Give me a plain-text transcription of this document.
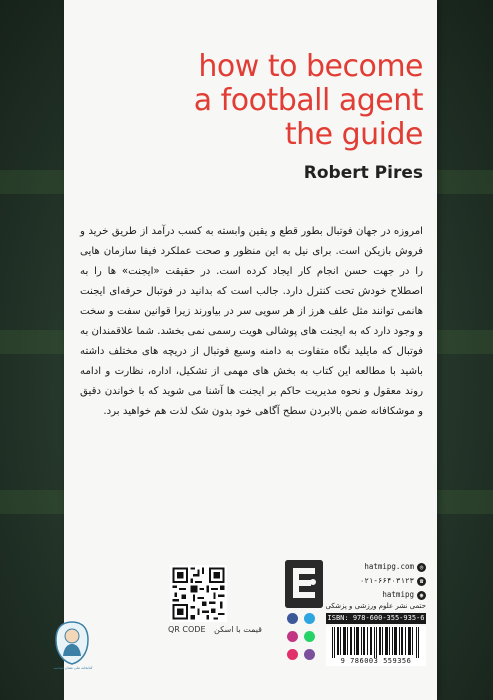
how to become
a football agent
the guide
Robert Pires
امروزه در جهان فوتبال بطور قطع و یقین وابسته به کسب درآمد از طریق خرید و فروش بازیکن است. برای نیل به این منظور و صحت عملکرد فیفا سازمان هایی را در جهت حسن انجام کار ایجاد کرده است. در حقیقت «ایجنت» ها را به اصطلاح خودش تحت کنترل دارد. جالب است که بدانید در فوتبال حرفه‌ای ایجنت هانمی توانند مثل علف هرز از هر سویی سر در بیاورند زیرا قوانین سفت و سخت و وجود دارد که به ایجنت های پوشالی هویت رسمی نمی بخشد. شما علاقمندان به فوتبال که مایلید نگاه متفاوت به دامنه وسیع فوتبال از دریچه های مختلف داشته باشید با مطالعه این کتاب به بخش های مهمی از تشکیل، اداره، نظارت و ادامه روند معقول و نحوه مدیریت حاکم بر ایجنت ها آشنا می شوید که با خواندن دقیق و موشکافانه ضمن بالابردن سطح آگاهی خود بدون شک لذت هم خواهید برد.
QR CODE قیمت با اسکن

hatmipg.com ◎
۰۲۱-۶۶۴۰۳۱۲۳ ☎
hatmipg ◉
حتمی نشر علوم ورزشی و پزشکی
ISBN: 978-600-355-935-6
9 786003 559356
کتابخانه ملی نشان شناسه
